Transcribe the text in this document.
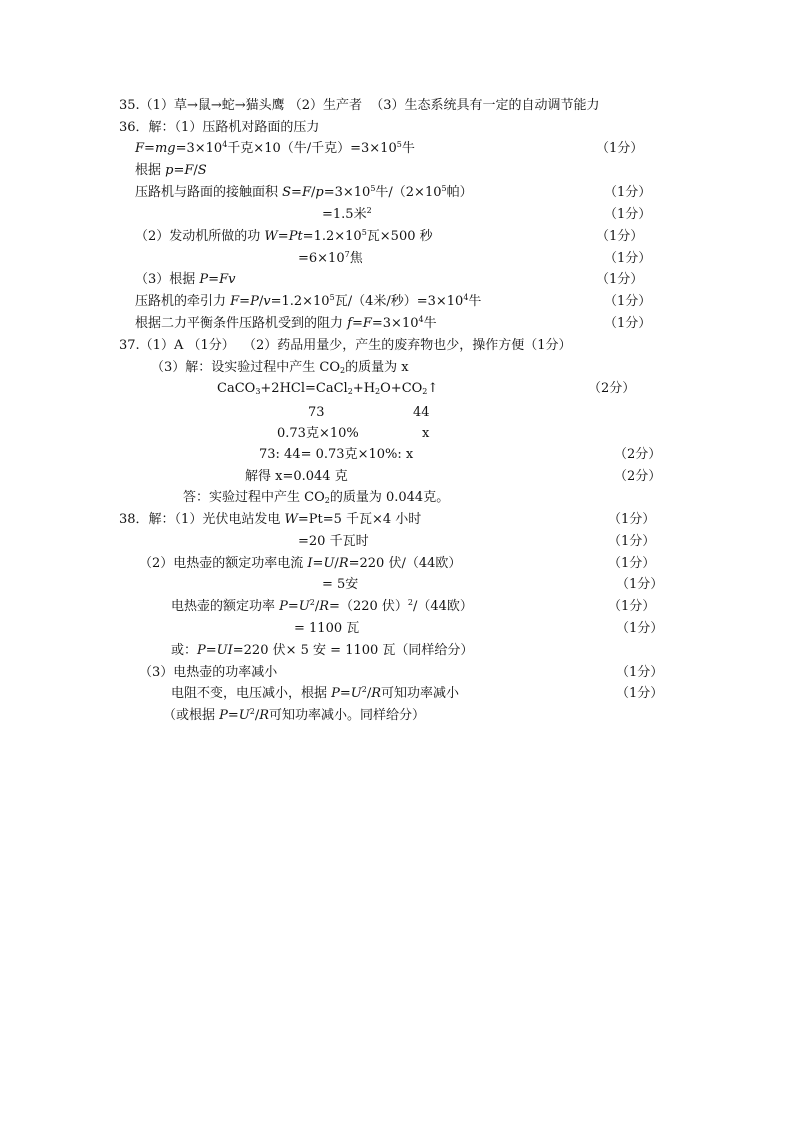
35.（1）草→鼠→蛇→猫头鹰 （2）生产者  （3）生态系统具有一定的自动调节能力
36．解：（1）压路机对路面的压力
$F=mg=3\times 10^4$千克×10（牛/千克）$=3\times 10^5$牛	（1分）
根据 p=F/S
压路机与路面的接触面积 $S=F/p=3\times 10^5$牛$/(2\times 10^5$帕）	（1分）
=1.5米$^2$	（1分）
（2）发动机所做的功 $W=Pt=1.2\times 10^5$瓦×500 秒	（1分）
$=6\times 10^7$焦	（1分）
（3）根据 P=Fv	（1分）
压路机的牵引力 $F=P/v=1.2\times 10^5$瓦/（4米/秒）$=3\times 10^4$牛	（1分）
根据二力平衡条件压路机受到的阻力 $f=F=3\times 10^4$牛	（1分）
37.（1）A （1分）  （2）药品用量少，产生的废弃物也少，操作方便（1分）
（3）解：设实验过程中产生 $CO_2$的质量为 x
$CaCO_3+2HCl=CaCl_2+H_2O+CO_2↑$	（2分）
73	44
0.73克×10%	x
73: 44= 0.73克×10%: x	（2分）
解得 x=0.044 克	（2分）
答：实验过程中产生 $CO_2$的质量为 0.044克。
38．解：（1）光伏电站发电 W=Pt=5 千瓦×4 小时	（1分）
=20 千瓦时	（1分）
（2）电热壶的额定功率电流 I=U/R=220 伏/（44欧）	（1分）
= 5安	（1分）
电热壶的额定功率 $P=U^2/R=(220$ 伏）$^2$/（44欧）	（1分）
= 1100 瓦	（1分）
或：P=UI=220 伏× 5 安 = 1100 瓦（同样给分）
（3）电热壶的功率减小	（1分）
电阻不变，电压减小，根据 $P=U^2/R$可知功率减小	（1分）
（或根据 $P=U^2/R$可知功率减小。同样给分）
